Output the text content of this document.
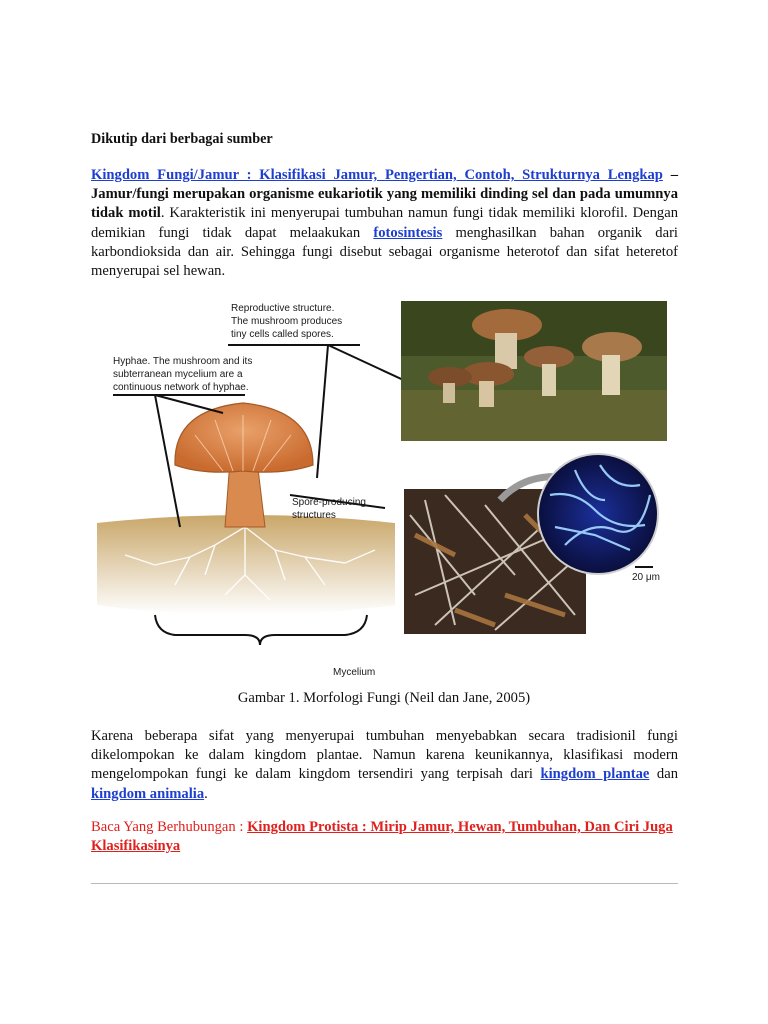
Dikutip dari berbagai sumber
Kingdom Fungi/Jamur : Klasifikasi Jamur, Pengertian, Contoh, Strukturnya Lengkap – Jamur/fungi merupakan organisme eukariotik yang memiliki dinding sel dan pada umumnya tidak motil. Karakteristik ini menyerupai tumbuhan namun fungi tidak memiliki klorofil. Dengan demikian fungi tidak dapat melaakukan fotosintesis menghasilkan bahan organik dari karbondioksida dan air. Sehingga fungi disebut sebagai organisme heterotof dan sifat heteretof menyerupai sel hewan.
Reproductive structure.
The mushroom produces
tiny cells called spores.
Hyphae. The mushroom and its
subterranean mycelium are a
continuous network of hyphae.
Spore-producing
structures
Mycelium
20 μm
Gambar 1. Morfologi Fungi (Neil dan Jane, 2005)
Karena beberapa sifat yang menyerupai tumbuhan menyebabkan secara tradisionil fungi dikelompokan ke dalam kingdom plantae. Namun karena keunikannya, klasifikasi modern mengelompokan fungi ke dalam kingdom tersendiri yang terpisah dari kingdom plantae dan kingdom animalia.
Baca Yang Berhubungan : Kingdom Protista : Mirip Jamur, Hewan, Tumbuhan, Dan Ciri Juga Klasifikasinya
